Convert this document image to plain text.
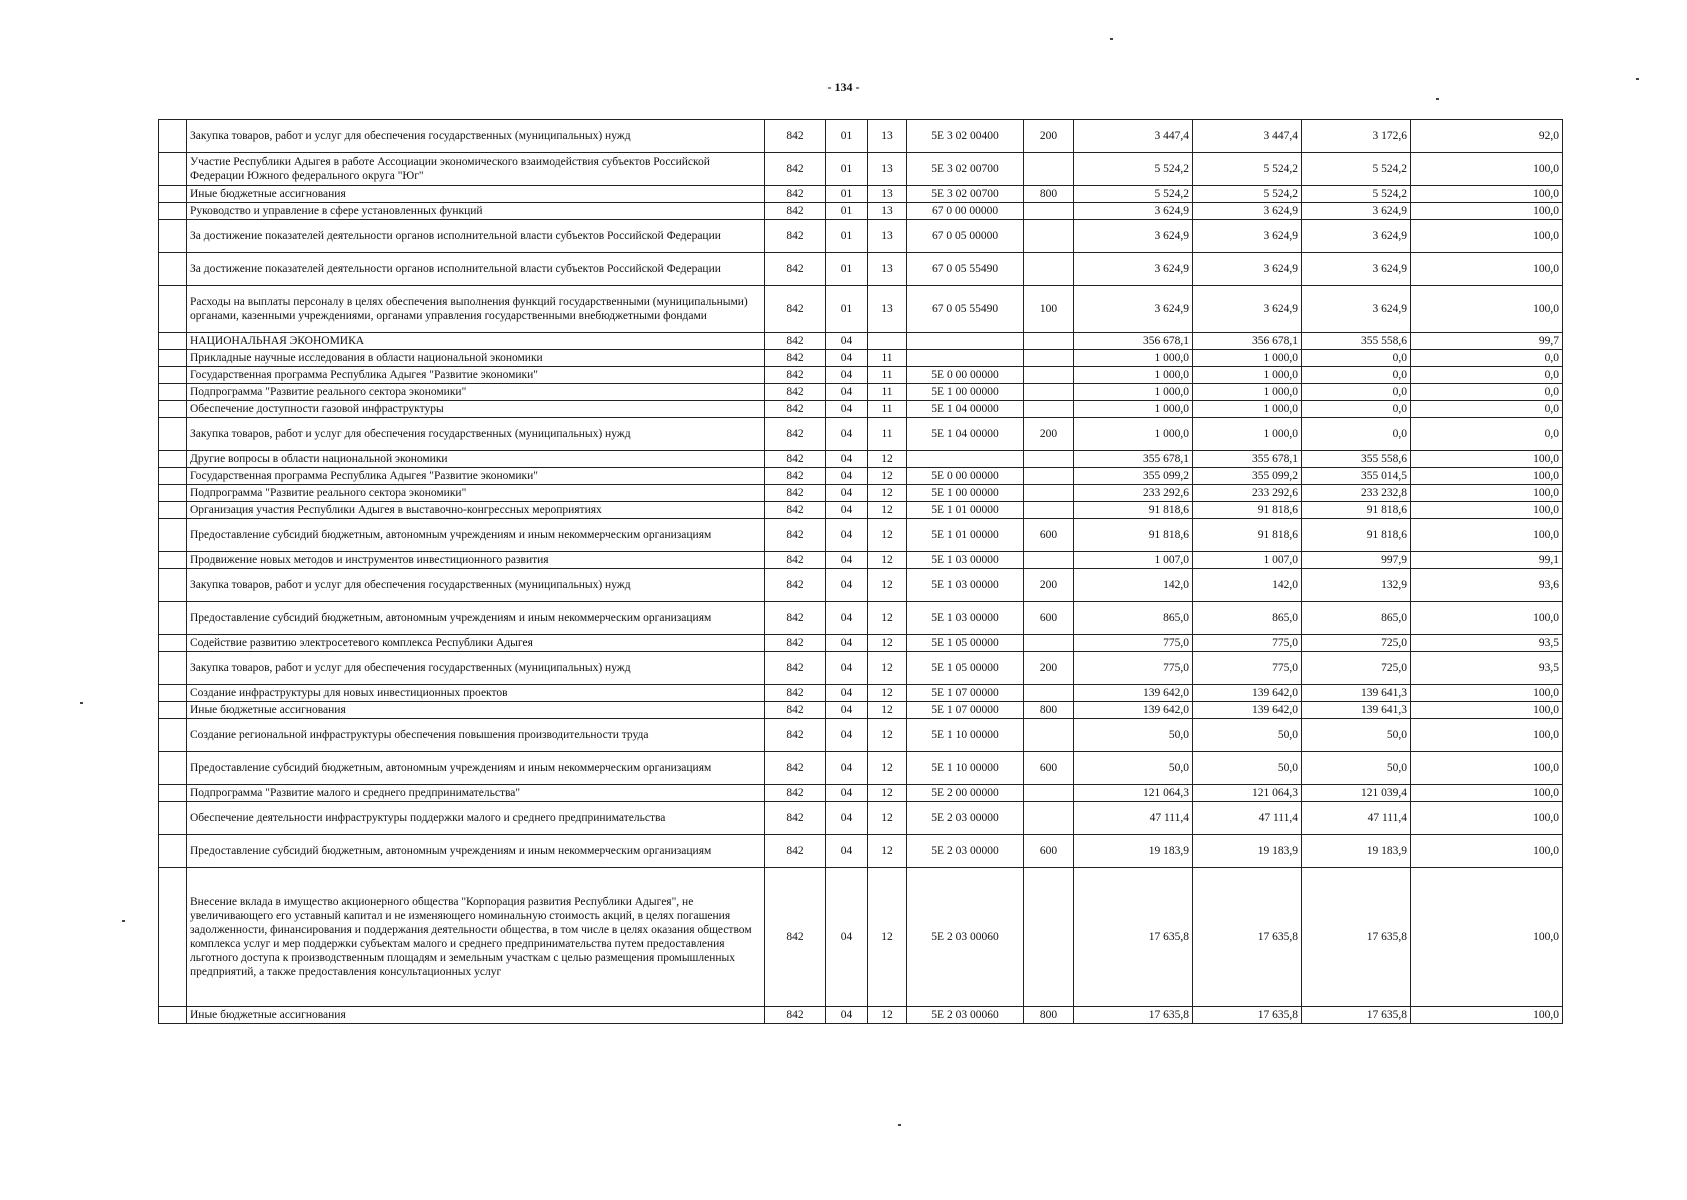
- 134 -
	Закупка товаров, работ и услуг для обеспечения государственных (муниципальных) нужд	842	01	13	5Е 3 02 00400	200	3 447,4	3 447,4	3 172,6	92,0
	Участие Республики Адыгея в работе Ассоциации экономического взаимодействия субъектов Российской Федерации Южного федерального округа "Юг"	842	01	13	5Е 3 02 00700		5 524,2	5 524,2	5 524,2	100,0
	Иные бюджетные ассигнования	842	01	13	5Е 3 02 00700	800	5 524,2	5 524,2	5 524,2	100,0
	Руководство и управление в сфере установленных функций	842	01	13	67 0 00 00000		3 624,9	3 624,9	3 624,9	100,0
	За достижение показателей деятельности органов исполнительной власти субъектов Российской Федерации	842	01	13	67 0 05 00000		3 624,9	3 624,9	3 624,9	100,0
	За достижение показателей деятельности органов исполнительной власти субъектов Российской Федерации	842	01	13	67 0 05 55490		3 624,9	3 624,9	3 624,9	100,0
	Расходы на выплаты персоналу в целях обеспечения выполнения функций государственными (муниципальными) органами, казенными учреждениями, органами управления государственными внебюджетными фондами	842	01	13	67 0 05 55490	100	3 624,9	3 624,9	3 624,9	100,0
	НАЦИОНАЛЬНАЯ ЭКОНОМИКА	842	04				356 678,1	356 678,1	355 558,6	99,7
	Прикладные научные исследования в области национальной экономики	842	04	11			1 000,0	1 000,0	0,0	0,0
	Государственная программа Республика Адыгея "Развитие экономики"	842	04	11	5Е 0 00 00000		1 000,0	1 000,0	0,0	0,0
	Подпрограмма "Развитие реального сектора экономики"	842	04	11	5Е 1 00 00000		1 000,0	1 000,0	0,0	0,0
	Обеспечение доступности газовой инфраструктуры	842	04	11	5Е 1 04 00000		1 000,0	1 000,0	0,0	0,0
	Закупка товаров, работ и услуг для обеспечения государственных (муниципальных) нужд	842	04	11	5Е 1 04 00000	200	1 000,0	1 000,0	0,0	0,0
	Другие вопросы в области национальной экономики	842	04	12			355 678,1	355 678,1	355 558,6	100,0
	Государственная программа Республика Адыгея "Развитие экономики"	842	04	12	5Е 0 00 00000		355 099,2	355 099,2	355 014,5	100,0
	Подпрограмма "Развитие реального сектора экономики"	842	04	12	5Е 1 00 00000		233 292,6	233 292,6	233 232,8	100,0
	Организация участия Республики Адыгея в выставочно-конгрессных мероприятиях	842	04	12	5Е 1 01 00000		91 818,6	91 818,6	91 818,6	100,0
	Предоставление субсидий бюджетным, автономным учреждениям и иным некоммерческим организациям	842	04	12	5Е 1 01 00000	600	91 818,6	91 818,6	91 818,6	100,0
	Продвижение новых методов и инструментов инвестиционного развития	842	04	12	5Е 1 03 00000		1 007,0	1 007,0	997,9	99,1
	Закупка товаров, работ и услуг для обеспечения государственных (муниципальных) нужд	842	04	12	5Е 1 03 00000	200	142,0	142,0	132,9	93,6
	Предоставление субсидий бюджетным, автономным учреждениям и иным некоммерческим организациям	842	04	12	5Е 1 03 00000	600	865,0	865,0	865,0	100,0
	Содействие развитию электросетевого комплекса Республики Адыгея	842	04	12	5Е 1 05 00000		775,0	775,0	725,0	93,5
	Закупка товаров, работ и услуг для обеспечения государственных (муниципальных) нужд	842	04	12	5Е 1 05 00000	200	775,0	775,0	725,0	93,5
	Создание инфраструктуры для новых инвестиционных проектов	842	04	12	5Е 1 07 00000		139 642,0	139 642,0	139 641,3	100,0
	Иные бюджетные ассигнования	842	04	12	5Е 1 07 00000	800	139 642,0	139 642,0	139 641,3	100,0
	Создание региональной инфраструктуры обеспечения повышения производительности труда	842	04	12	5Е 1 10 00000		50,0	50,0	50,0	100,0
	Предоставление субсидий бюджетным, автономным учреждениям и иным некоммерческим организациям	842	04	12	5Е 1 10 00000	600	50,0	50,0	50,0	100,0
	Подпрограмма "Развитие малого и среднего предпринимательства"	842	04	12	5Е 2 00 00000		121 064,3	121 064,3	121 039,4	100,0
	Обеспечение деятельности инфраструктуры поддержки малого и среднего предпринимательства	842	04	12	5Е 2 03 00000		47 111,4	47 111,4	47 111,4	100,0
	Предоставление субсидий бюджетным, автономным учреждениям и иным некоммерческим организациям	842	04	12	5Е 2 03 00000	600	19 183,9	19 183,9	19 183,9	100,0
	Внесение вклада в имущество акционерного общества "Корпорация развития Республики Адыгея", не увеличивающего его уставный капитал и не изменяющего номинальную стоимость акций, в целях погашения задолженности, финансирования и поддержания деятельности общества, в том числе в целях оказания обществом комплекса услуг и мер поддержки субъектам малого и среднего предпринимательства путем предоставления льготного доступа к производственным площадям и земельным участкам с целью размещения промышленных предприятий, а также предоставления консультационных услуг	842	04	12	5Е 2 03 00060		17 635,8	17 635,8	17 635,8	100,0
	Иные бюджетные ассигнования	842	04	12	5Е 2 03 00060	800	17 635,8	17 635,8	17 635,8	100,0
